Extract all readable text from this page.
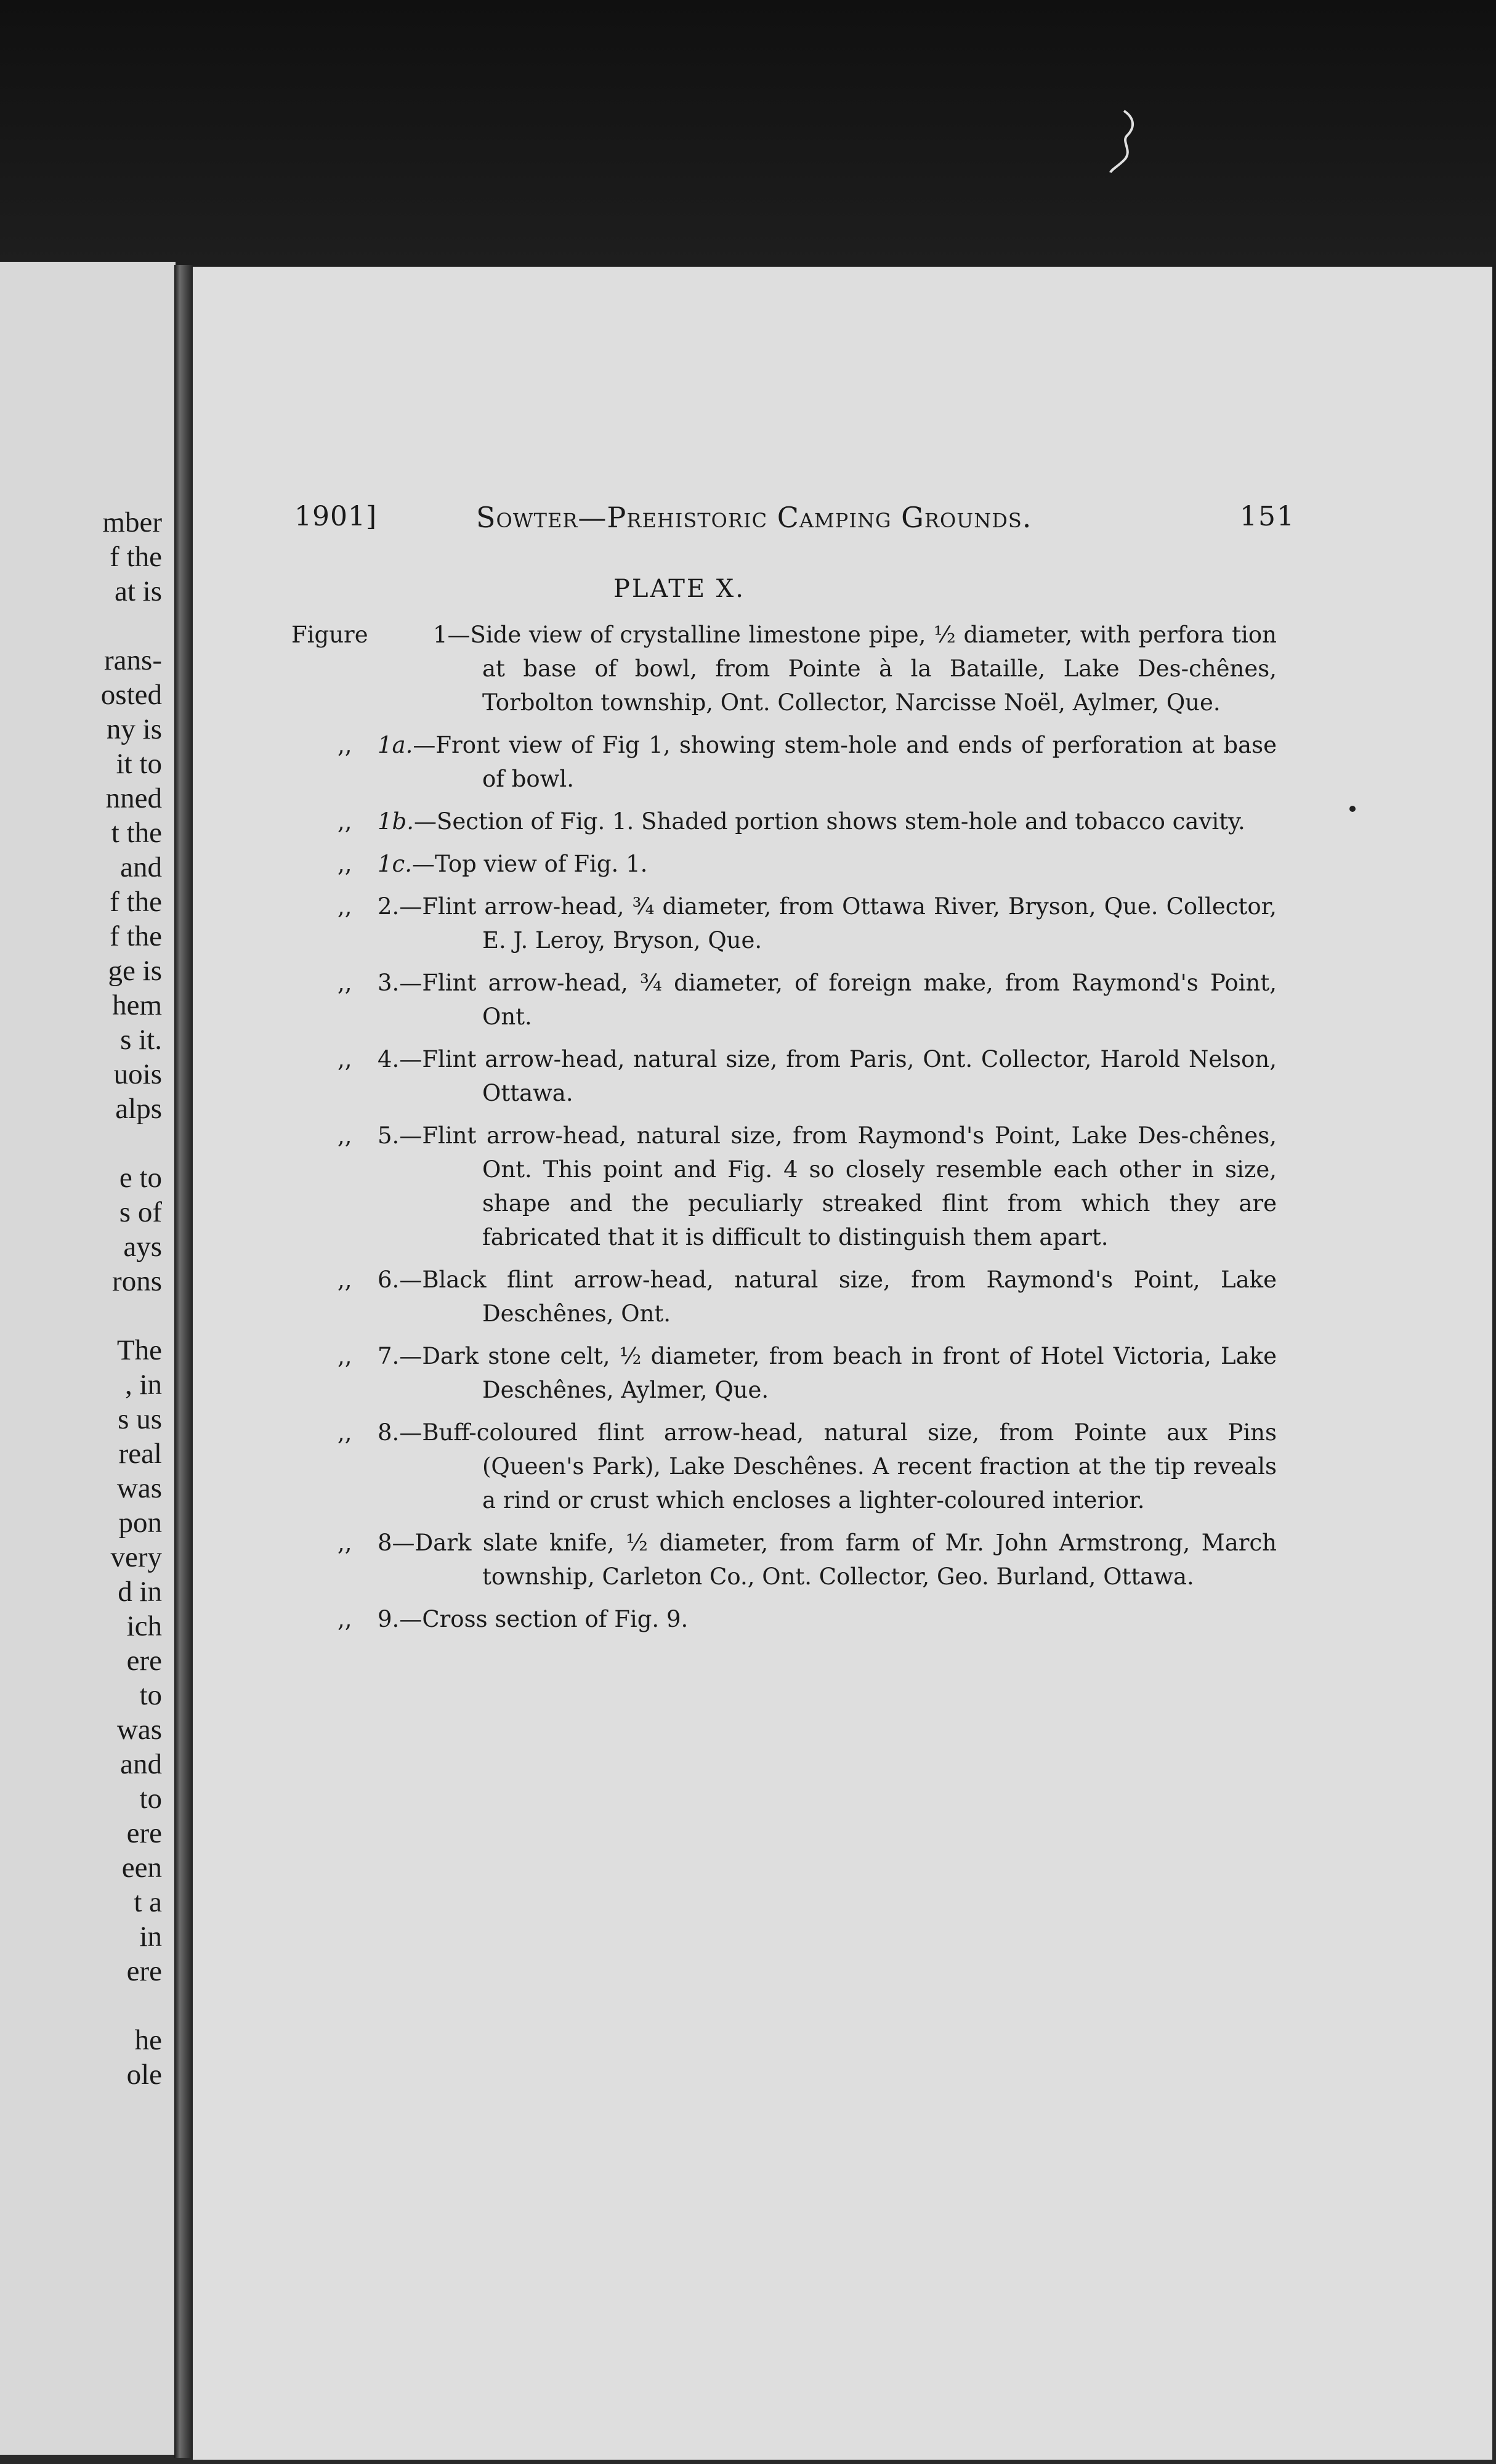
mber
f the
at is
rans-
osted
ny is
it to
nned
t the
and
f the
f the
ge is
hem
s it.
uois
alps
e to
s of
ays
rons
The
, in
s us
real
was
pon
very
d in
ich
ere
to
was
and
to
ere
een
t a
in
ere
he
ole
1901]	Sowter—Prehistoric Camping Grounds.	151
PLATE X.
Figure	1—Side view of crystalline limestone pipe, ½ diameter, with perfora tion at base of bowl, from Pointe à la Bataille, Lake Des-chênes, Torbolton township, Ont. Collector, Narcisse Noël, Aylmer, Que.
,,	1a.—Front view of Fig 1, showing stem-hole and ends of perforation at base of bowl.
,,	1b.—Section of Fig. 1. Shaded portion shows stem-hole and tobacco cavity.
,,	1c.—Top view of Fig. 1.
,,	2.—Flint arrow-head, ¾ diameter, from Ottawa River, Bryson, Que. Collector, E. J. Leroy, Bryson, Que.
,,	3.—Flint arrow-head, ¾ diameter, of foreign make, from Raymond's Point, Ont.
,,	4.—Flint arrow-head, natural size, from Paris, Ont. Collector, Harold Nelson, Ottawa.
,,	5.—Flint arrow-head, natural size, from Raymond's Point, Lake Des-chênes, Ont. This point and Fig. 4 so closely resemble each other in size, shape and the peculiarly streaked flint from which they are fabricated that it is difficult to distinguish them apart.
,,	6.—Black flint arrow-head, natural size, from Raymond's Point, Lake Deschênes, Ont.
,,	7.—Dark stone celt, ½ diameter, from beach in front of Hotel Victoria, Lake Deschênes, Aylmer, Que.
,,	8.—Buff-coloured flint arrow-head, natural size, from Pointe aux Pins (Queen's Park), Lake Deschênes. A recent fraction at the tip reveals a rind or crust which encloses a lighter-coloured interior.
,,	8—Dark slate knife, ½ diameter, from farm of Mr. John Armstrong, March township, Carleton Co., Ont. Collector, Geo. Burland, Ottawa.
,,	9.—Cross section of Fig. 9.
